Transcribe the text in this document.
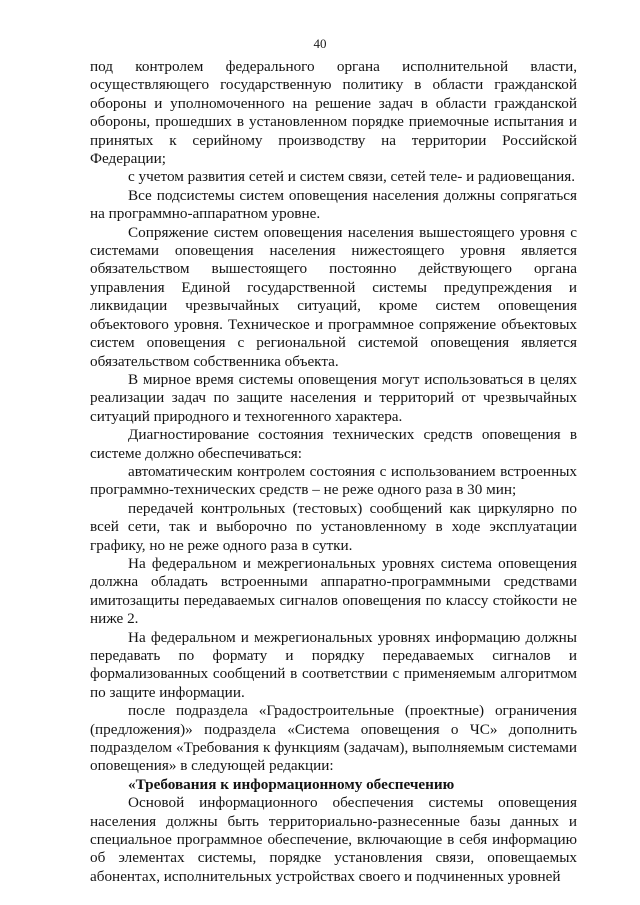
40

под контролем федерального органа исполнительной власти, осуществляющего государственную политику в области гражданской обороны и уполномоченного на решение задач в области гражданской обороны, прошедших в установленном порядке приемочные испытания и принятых к серийному производству на территории Российской Федерации;

с учетом развития сетей и систем связи, сетей теле- и радиовещания.

Все подсистемы систем оповещения населения должны сопрягаться на программно-аппаратном уровне.

Сопряжение систем оповещения населения вышестоящего уровня с системами оповещения населения нижестоящего уровня является обязательством вышестоящего постоянно действующего органа управления Единой государственной системы предупреждения и ликвидации чрезвычайных ситуаций, кроме систем оповещения объектового уровня. Техническое и программное сопряжение объектовых систем оповещения с региональной системой оповещения является обязательством собственника объекта.

В мирное время системы оповещения могут использоваться в целях реализации задач по защите населения и территорий от чрезвычайных ситуаций природного и техногенного характера.

Диагностирование состояния технических средств оповещения в системе должно обеспечиваться:

автоматическим контролем состояния с использованием встроенных программно-технических средств – не реже одного раза в 30 мин;

передачей контрольных (тестовых) сообщений как циркулярно по всей сети, так и выборочно по установленному в ходе эксплуатации графику, но не реже одного раза в сутки.

На федеральном и межрегиональных уровнях система оповещения должна обладать встроенными аппаратно-программными средствами имитозащиты передаваемых сигналов оповещения по классу стойкости не ниже 2.

На федеральном и межрегиональных уровнях информацию должны передавать по формату и порядку передаваемых сигналов и формализованных сообщений в соответствии с применяемым алгоритмом по защите информации.

после подраздела «Градостроительные (проектные) ограничения (предложения)» подраздела «Система оповещения о ЧС» дополнить подразделом «Требования к функциям (задачам), выполняемым системами оповещения» в следующей редакции:

«Требования к информационному обеспечению

Основой информационного обеспечения системы оповещения населения должны быть территориально-разнесенные базы данных и специальное программное обеспечение, включающие в себя информацию об элементах системы, порядке установления связи, оповещаемых абонентах, исполнительных устройствах своего и подчиненных уровней
